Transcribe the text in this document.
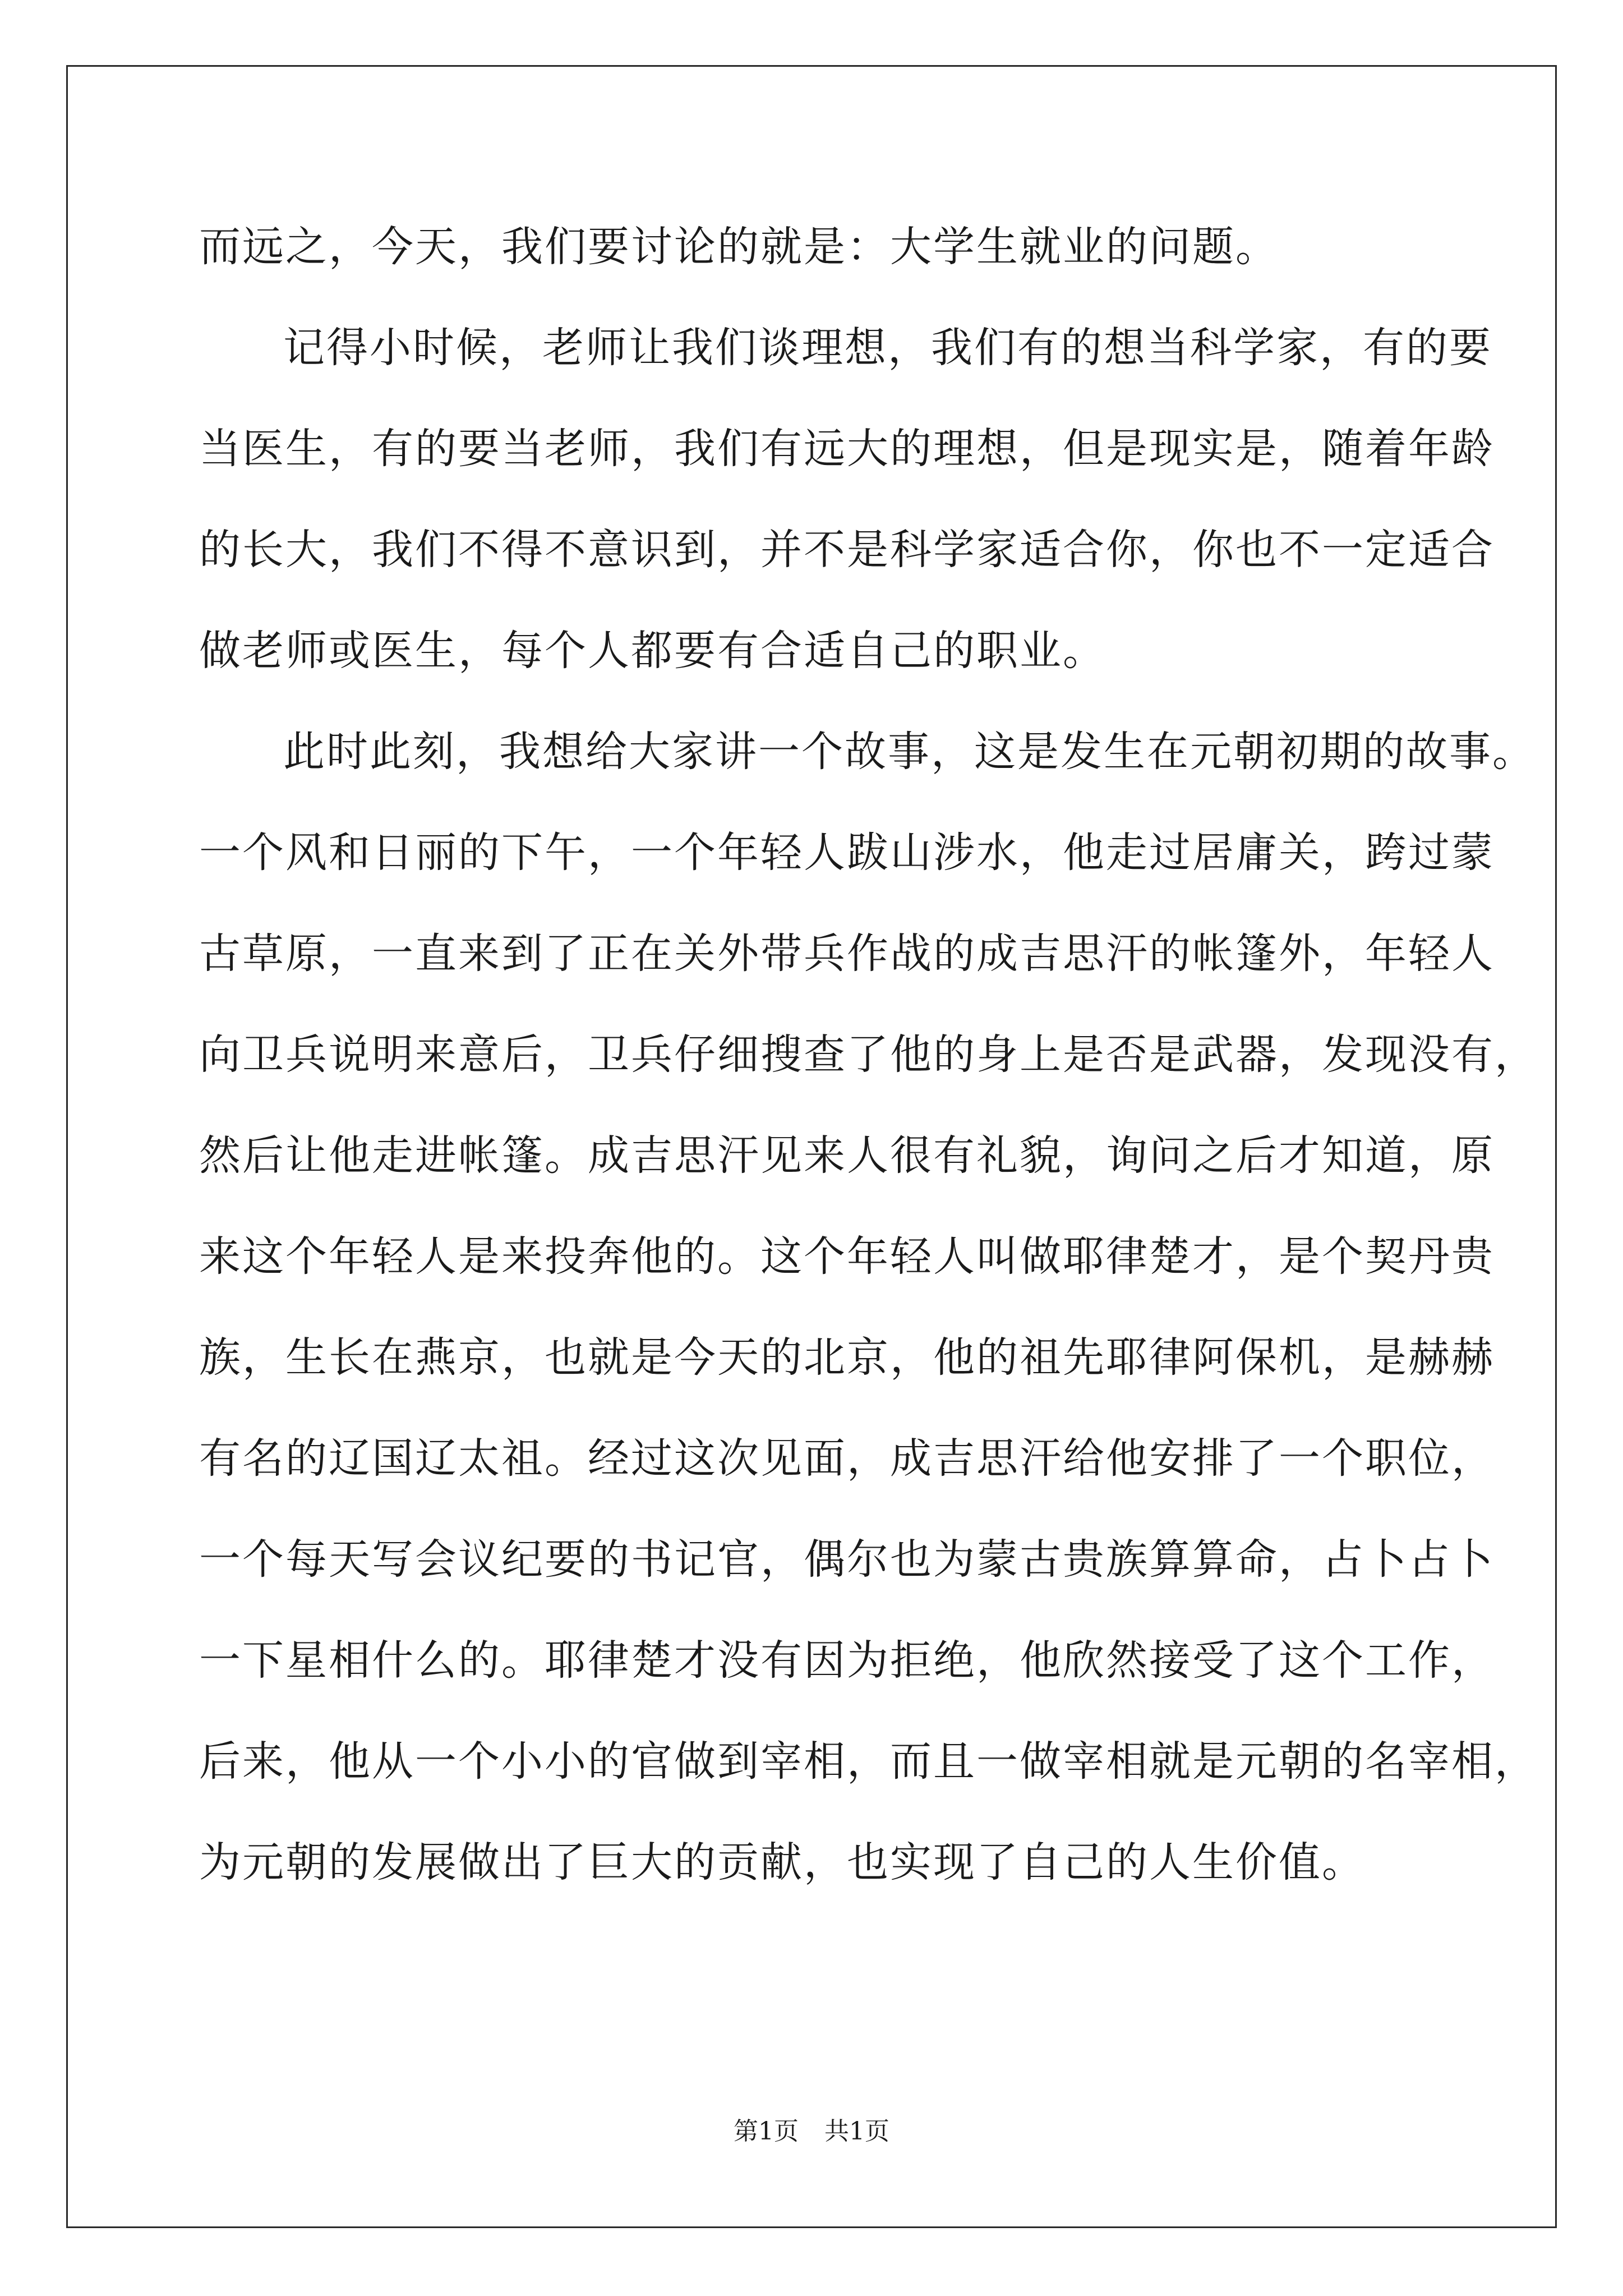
而远之，今天，我们要讨论的就是：大学生就业的问题。
记得小时候，老师让我们谈理想，我们有的想当科学家，有的要
当医生，有的要当老师，我们有远大的理想，但是现实是，随着年龄
的长大，我们不得不意识到，并不是科学家适合你，你也不一定适合
做老师或医生，每个人都要有合适自己的职业。
此时此刻，我想给大家讲一个故事，这是发生在元朝初期的故事。
一个风和日丽的下午，一个年轻人跋山涉水，他走过居庸关，跨过蒙
古草原，一直来到了正在关外带兵作战的成吉思汗的帐篷外，年轻人
向卫兵说明来意后，卫兵仔细搜查了他的身上是否是武器，发现没有，
然后让他走进帐篷。成吉思汗见来人很有礼貌，询问之后才知道，原
来这个年轻人是来投奔他的。这个年轻人叫做耶律楚才，是个契丹贵
族，生长在燕京，也就是今天的北京，他的祖先耶律阿保机，是赫赫
有名的辽国辽太祖。经过这次见面，成吉思汗给他安排了一个职位，
一个每天写会议纪要的书记官，偶尔也为蒙古贵族算算命，占卜占卜
一下星相什么的。耶律楚才没有因为拒绝，他欣然接受了这个工作，
后来，他从一个小小的官做到宰相，而且一做宰相就是元朝的名宰相，
为元朝的发展做出了巨大的贡献，也实现了自己的人生价值。
第1页 共1页
